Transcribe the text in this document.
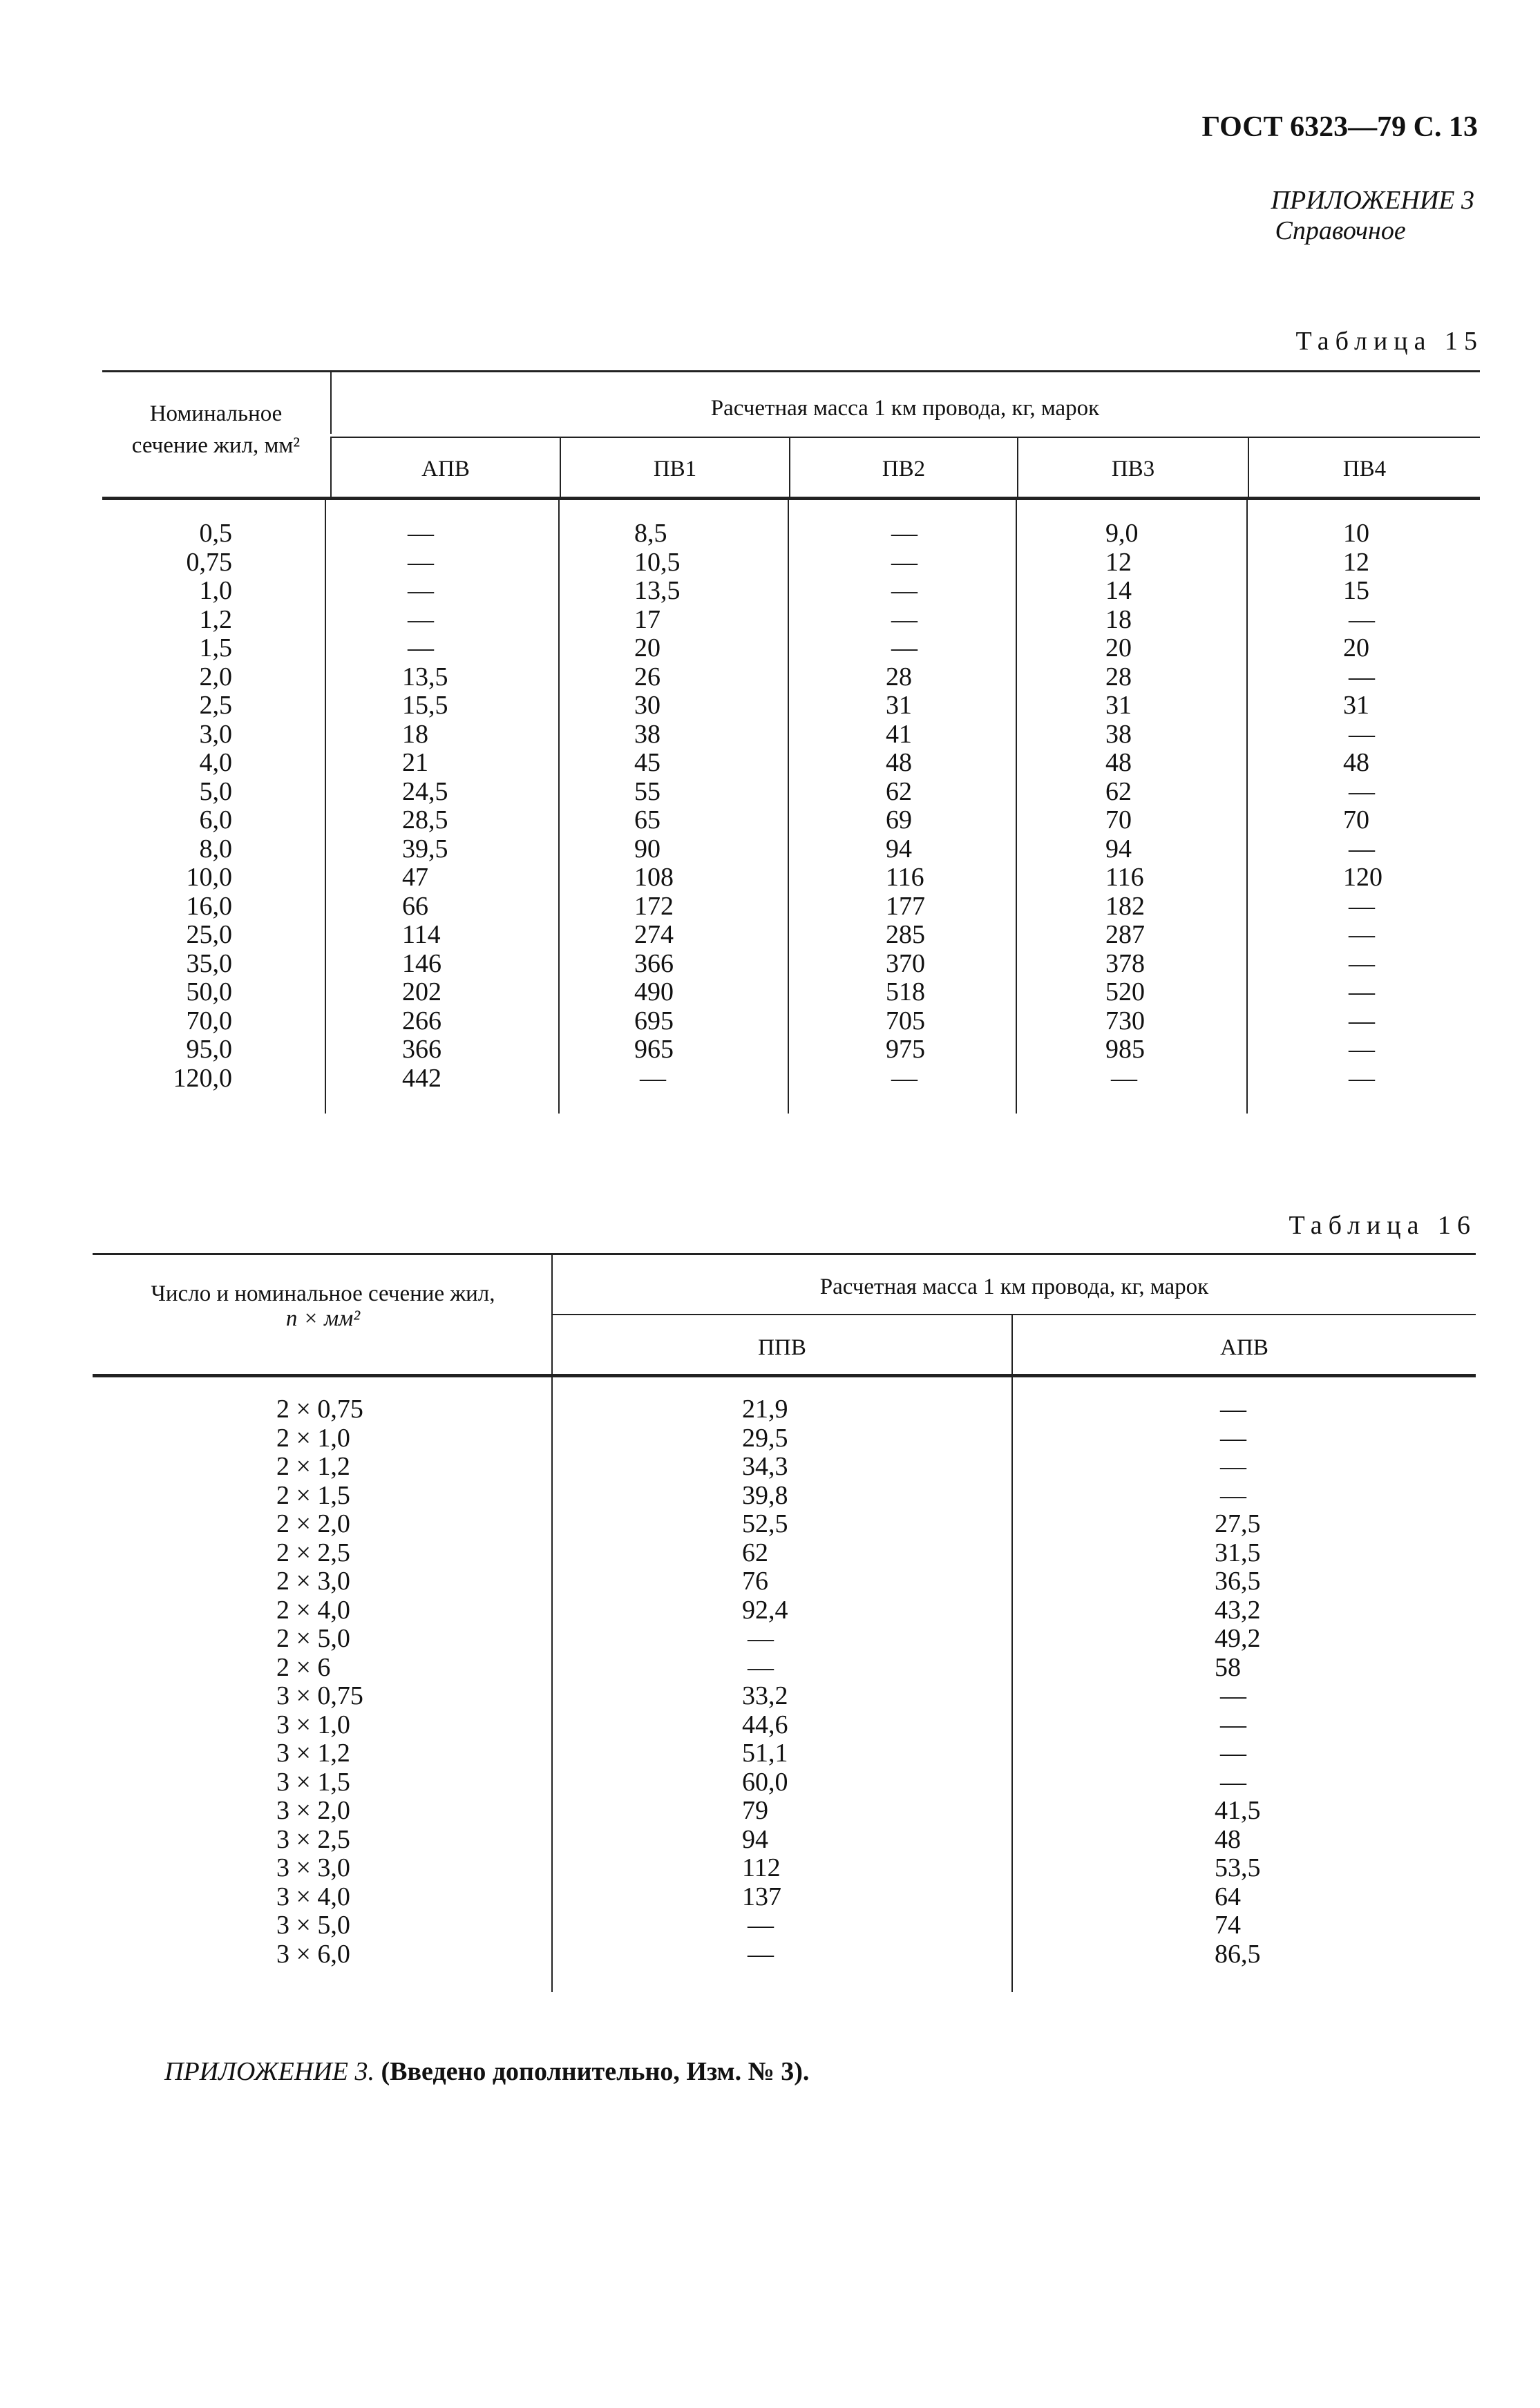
ГОСТ 6323—79 С. 13
ПРИЛОЖЕНИЕ 3
Справочное
Таблица 15
Номинальное сечение жил, мм²
Расчетная масса 1 км провода, кг, марок
АПВ	ПВ1	ПВ2	ПВ3	ПВ4
0,5	—	8,5	—	9,0	10
0,75	—	10,5	—	12	12
1,0	—	13,5	—	14	15
1,2	—	17	—	18	—
1,5	—	20	—	20	20
2,0	13,5	26	28	28	—
2,5	15,5	30	31	31	31
3,0	18	38	41	38	—
4,0	21	45	48	48	48
5,0	24,5	55	62	62	—
6,0	28,5	65	69	70	70
8,0	39,5	90	94	94	—
10,0	47	108	116	116	120
16,0	66	172	177	182	—
25,0	114	274	285	287	—
35,0	146	366	370	378	—
50,0	202	490	518	520	—
70,0	266	695	705	730	—
95,0	366	965	975	985	—
120,0	442	—	—	—	—
Таблица 16
Число и номинальное сечение жил,
n × мм²
Расчетная масса 1 км провода, кг, марок
ППВ	АПВ
2 × 0,75	21,9	—
2 × 1,0	29,5	—
2 × 1,2	34,3	—
2 × 1,5	39,8	—
2 × 2,0	52,5	27,5
2 × 2,5	62	31,5
2 × 3,0	76	36,5
2 × 4,0	92,4	43,2
2 × 5,0	—	49,2
2 × 6	—	58
3 × 0,75	33,2	—
3 × 1,0	44,6	—
3 × 1,2	51,1	—
3 × 1,5	60,0	—
3 × 2,0	79	41,5
3 × 2,5	94	48
3 × 3,0	112	53,5
3 × 4,0	137	64
3 × 5,0	—	74
3 × 6,0	—	86,5
ПРИЛОЖЕНИЕ 3. (Введено дополнительно, Изм. № 3).
